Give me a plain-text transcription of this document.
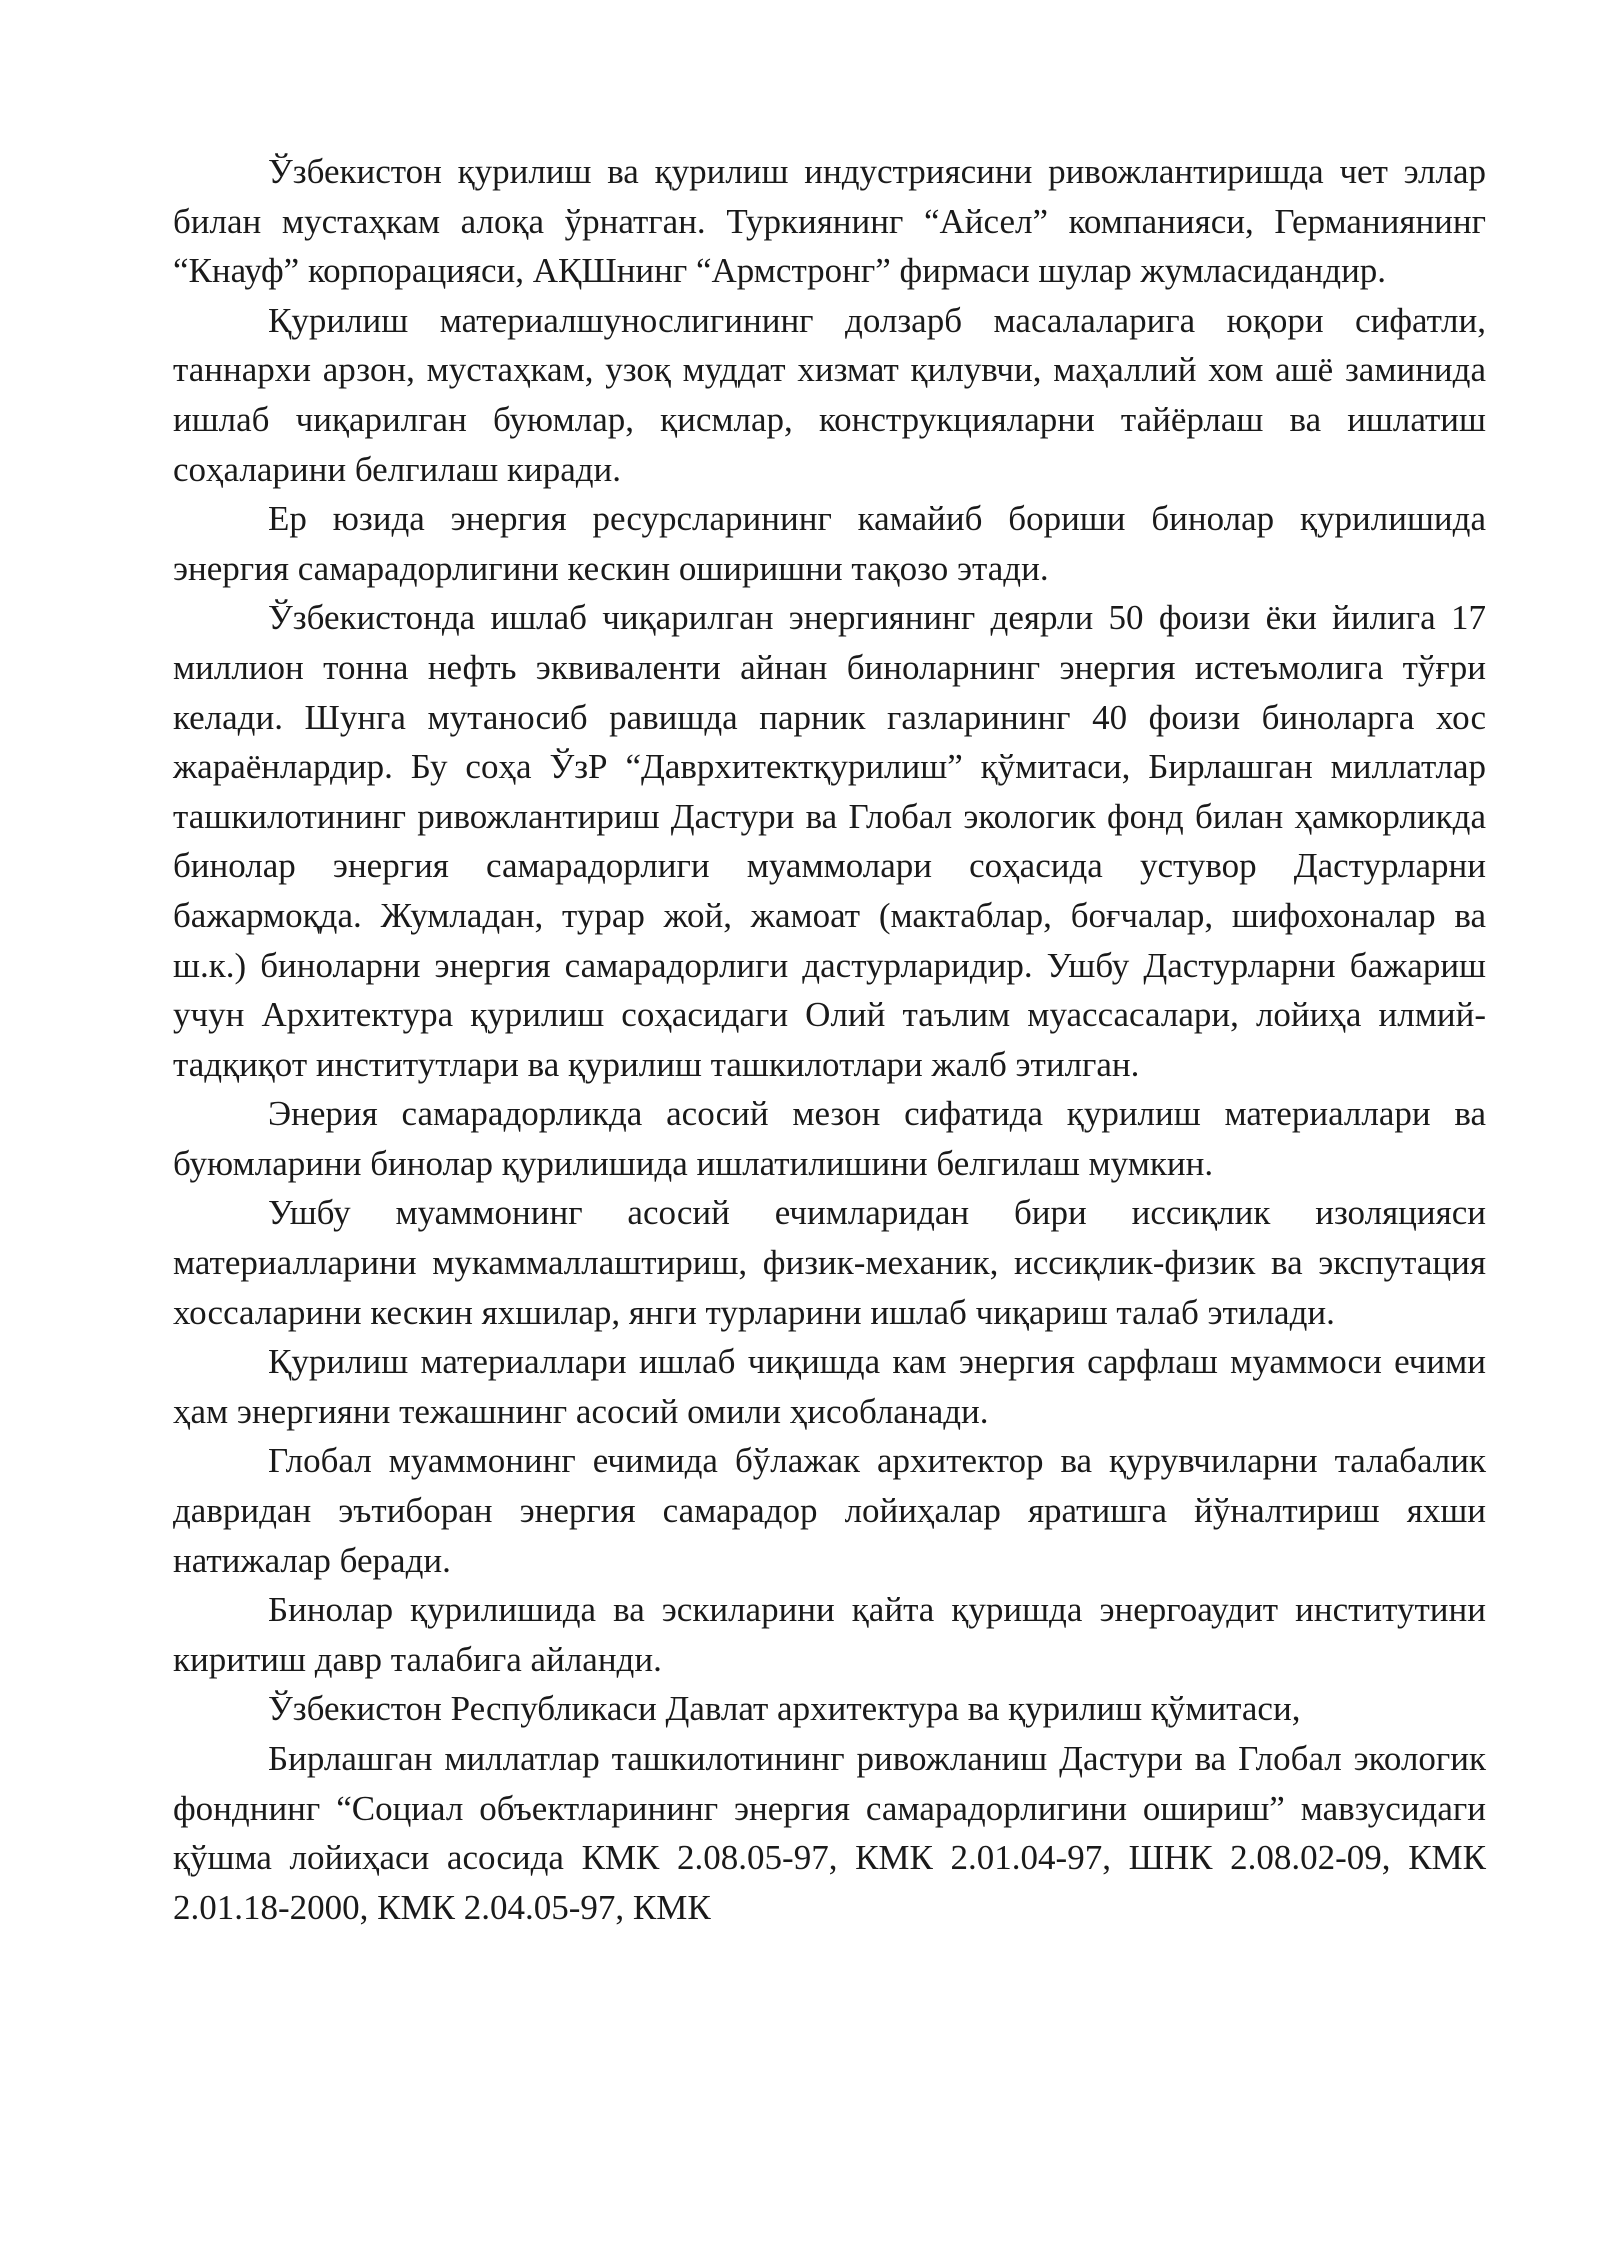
Ўзбекистон қурилиш ва қурилиш индустриясини ривожлантиришда чет эллар билан мустаҳкам алоқа ўрнатган. Туркиянинг “Айсел” компанияси, Германиянинг “Кнауф” корпорацияси, АҚШнинг “Армстронг” фирмаси шулар жумласидандир.

Қурилиш материалшунослигининг долзарб масалаларига юқори сифатли, таннархи арзон, мустаҳкам, узоқ муддат хизмат қилувчи, маҳаллий хом ашё заминида ишлаб чиқарилган буюмлар, қисмлар, конструкцияларни тайёрлаш ва ишлатиш соҳаларини белгилаш киради.

Ер юзида энергия ресурсларининг камайиб бориши бинолар қурилишида энергия самарадорлигини кескин оширишни тақозо этади.

Ўзбекистонда ишлаб чиқарилган энергиянинг деярли 50 фоизи ёки йилига 17 миллион тонна нефть эквиваленти айнан биноларнинг энергия истеъмолига тўғри келади. Шунга мутаносиб равишда парник газларининг 40 фоизи биноларга хос жараёнлардир. Бу соҳа ЎзР “Даврхитектқурилиш” қўмитаси, Бирлашган миллатлар ташкилотининг ривожлантириш Дастури ва Глобал экологик фонд билан ҳамкорликда бинолар энергия самарадорлиги муаммолари соҳасида устувор Дастурларни бажармоқда. Жумладан, турар жой, жамоат (мактаблар, боғчалар, шифохоналар ва ш.к.) биноларни энергия самарадорлиги дастурларидир. Ушбу Дастурларни бажариш учун Архитектура қурилиш соҳасидаги Олий таълим муассасалари, лойиҳа илмий-тадқиқот институтлари ва қурилиш ташкилотлари жалб этилган.

Энерия самарадорликда асосий мезон сифатида қурилиш материаллари ва буюмларини бинолар қурилишида ишлатилишини белгилаш мумкин.

Ушбу муаммонинг асосий ечимларидан бири иссиқлик изоляцияси материалларини мукаммаллаштириш, физик-механик, иссиқлик-физик ва экспутация хоссаларини кескин яхшилар, янги турларини ишлаб чиқариш талаб этилади.

Қурилиш материаллари ишлаб чиқишда кам энергия сарфлаш муаммоси ечими ҳам энергияни тежашнинг асосий омили ҳисобланади.

Глобал муаммонинг ечимида бўлажак архитектор ва қурувчиларни талабалик давридан эътиборан энергия самарадор лойиҳалар яратишга йўналтириш яхши натижалар беради.

Бинолар қурилишида ва эскиларини қайта қуришда энергоаудит институтини киритиш давр талабига айланди.

Ўзбекистон Республикаси Давлат архитектура ва қурилиш қўмитаси,

Бирлашган миллатлар ташкилотининг ривожланиш Дастури ва Глобал экологик фонднинг “Социал объектларининг энергия самарадорлигини ошириш” мавзусидаги қўшма лойиҳаси асосида КМК 2.08.05-97, КМК 2.01.04-97, ШНК 2.08.02-09, КМК 2.01.18-2000, КМК 2.04.05-97, КМК
